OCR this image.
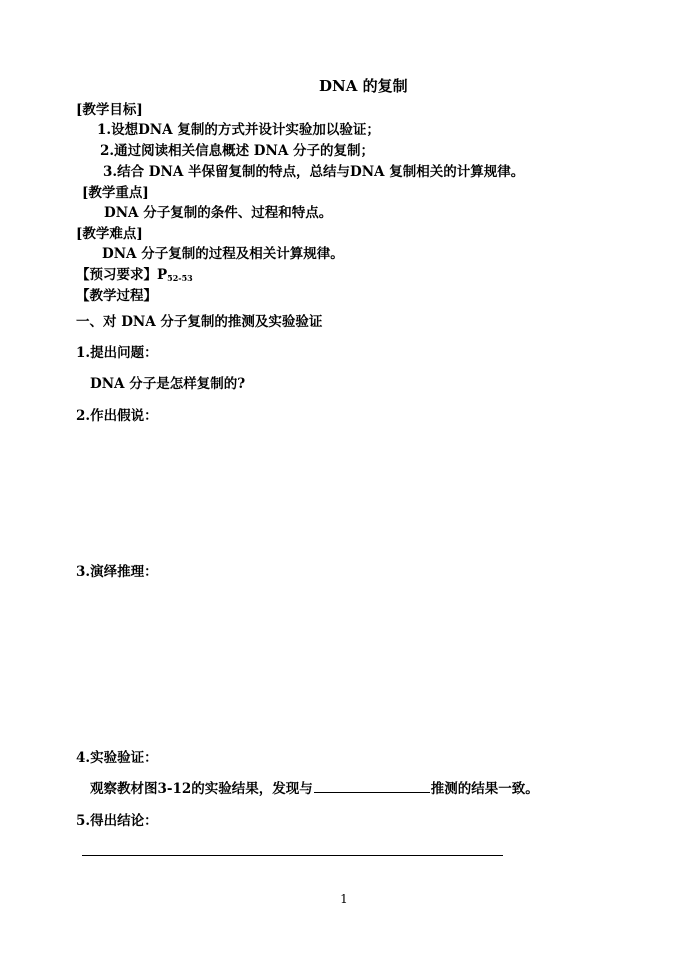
DNA 的复制
[教学目标]
1.设想DNA 复制的方式并设计实验加以验证；
2.通过阅读相关信息概述 DNA 分子的复制；
3.结合 DNA 半保留复制的特点，总结与DNA 复制相关的计算规律。
[教学重点]
DNA 分子复制的条件、过程和特点。
[教学难点]
DNA 分子复制的过程及相关计算规律。
【预习要求】$P_{52-53}$
【教学过程】
一、对 DNA 分子复制的推测及实验验证
1.提出问题：
DNA 分子是怎样复制的?
2.作出假说：
3.演绎推理：
4.实验验证：
观察教材图3-12的实验结果，发现与	推测的结果一致。
5.得出结论：
1
